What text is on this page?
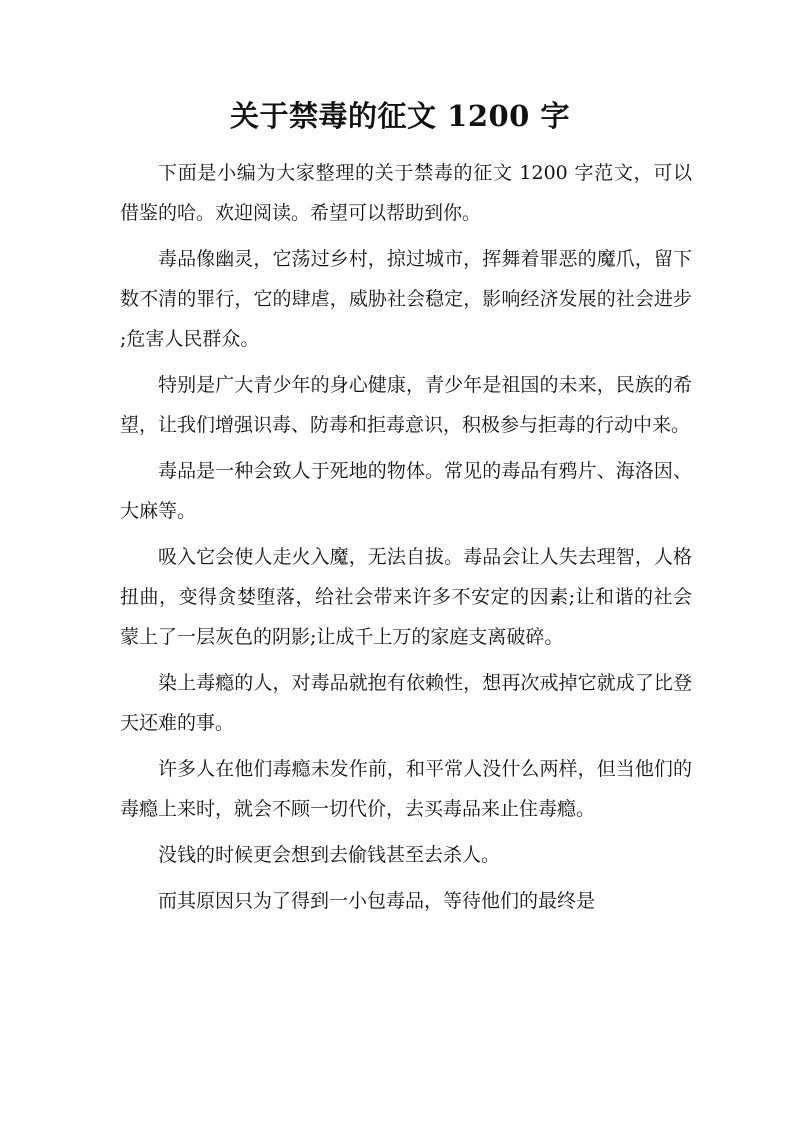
关于禁毒的征文 1200 字

下面是小编为大家整理的关于禁毒的征文 1200 字范文，可以借鉴的哈。欢迎阅读。希望可以帮助到你。

毒品像幽灵，它荡过乡村，掠过城市，挥舞着罪恶的魔爪，留下数不清的罪行，它的肆虐，威胁社会稳定，影响经济发展的社会进步;危害人民群众。

特别是广大青少年的身心健康，青少年是祖国的未来，民族的希望，让我们增强识毒、防毒和拒毒意识，积极参与拒毒的行动中来。

毒品是一种会致人于死地的物体。常见的毒品有鸦片、海洛因、大麻等。

吸入它会使人走火入魔，无法自拔。毒品会让人失去理智，人格扭曲，变得贪婪堕落，给社会带来许多不安定的因素;让和谐的社会蒙上了一层灰色的阴影;让成千上万的家庭支离破碎。

染上毒瘾的人，对毒品就抱有依赖性，想再次戒掉它就成了比登天还难的事。

许多人在他们毒瘾未发作前，和平常人没什么两样，但当他们的毒瘾上来时，就会不顾一切代价，去买毒品来止住毒瘾。

没钱的时候更会想到去偷钱甚至去杀人。

而其原因只为了得到一小包毒品，等待他们的最终是
